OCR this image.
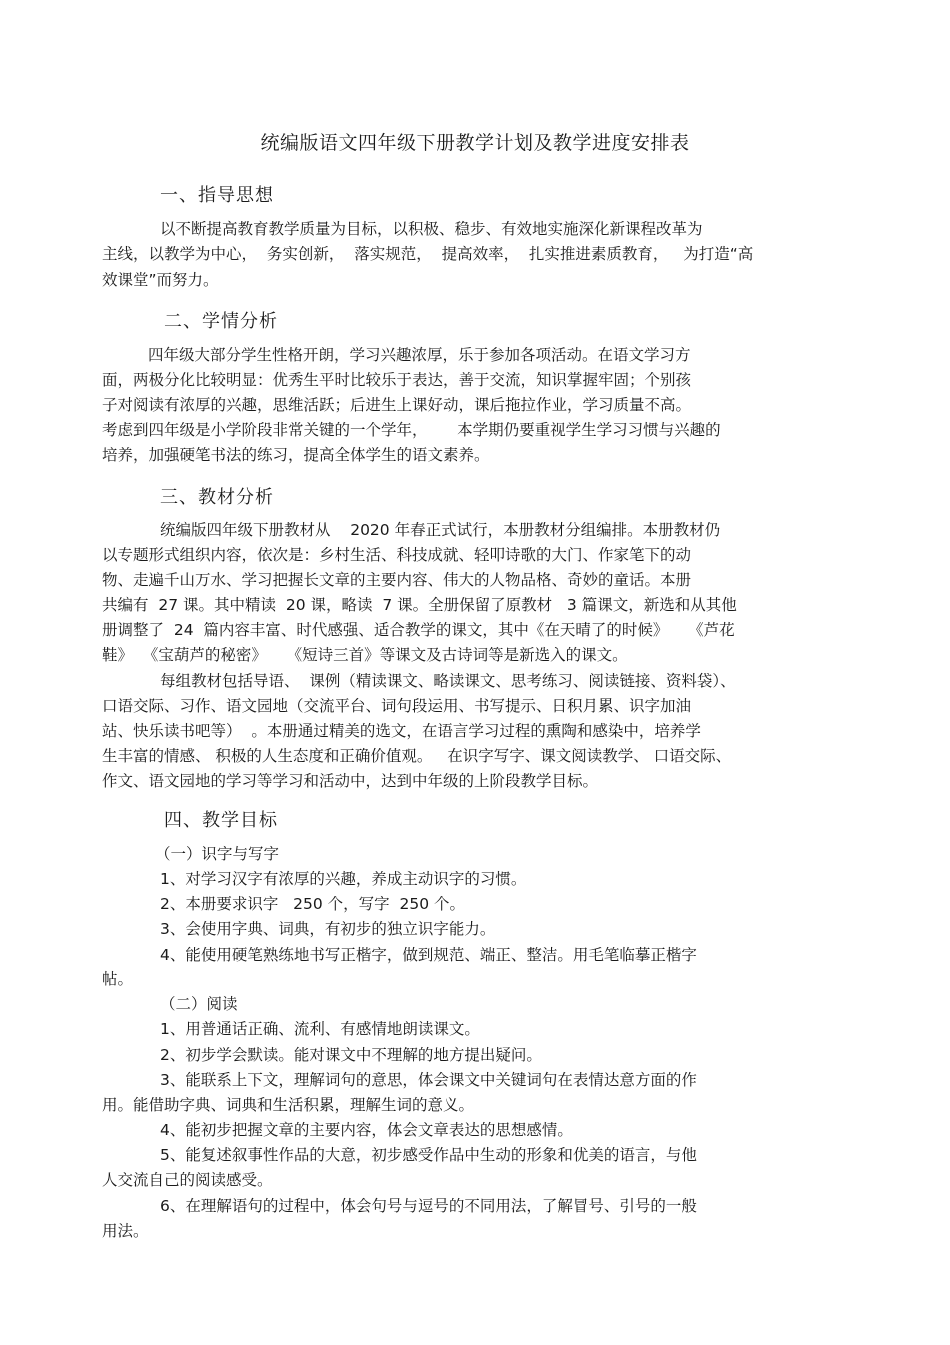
统编版语文四年级下册教学计划及教学进度安排表
一、指导思想
以不断提高教育教学质量为目标，以积极、稳步、有效地实施深化新课程改革为
主线，以教学为中心，  务实创新，  落实规范，  提高效率，  扎实推进素质教育，   为打造“高
效课堂”而努力。
二、学情分析
四年级大部分学生性格开朗，学习兴趣浓厚，乐于参加各项活动。在语文学习方
面，两极分化比较明显：优秀生平时比较乐于表达，善于交流，知识掌握牢固；个别孩
子对阅读有浓厚的兴趣，思维活跃；后进生上课好动，课后拖拉作业，学习质量不高。
考虑到四年级是小学阶段非常关键的一个学年，      本学期仍要重视学生学习习惯与兴趣的
培养，加强硬笔书法的练习，提高全体学生的语文素养。
三、教材分析
统编版四年级下册教材从    2020 年春正式试行，本册教材分组编排。本册教材仍
以专题形式组织内容，依次是：乡村生活、科技成就、轻叩诗歌的大门、作家笔下的动
物、走遍千山万水、学习把握长文章的主要内容、伟大的人物品格、奇妙的童话。本册
共编有  27 课。其中精读  20 课，略读  7 课。全册保留了原教材   3 篇课文，新选和从其他
册调整了  24  篇内容丰富、时代感强、适合教学的课文，其中《在天晴了的时候》    《芦花
鞋》  《宝葫芦的秘密》    《短诗三首》等课文及古诗词等是新选入的课文。
每组教材包括导语、  课例（精读课文、略读课文、思考练习、阅读链接、资料袋）、
口语交际、习作、语文园地（交流平台、词句段运用、书写提示、日积月累、识字加油
站、快乐读书吧等）  。本册通过精美的选文，在语言学习过程的熏陶和感染中，培养学
生丰富的情感、 积极的人生态度和正确价值观。   在识字写字、课文阅读教学、 口语交际、
作文、语文园地的学习等学习和活动中，达到中年级的上阶段教学目标。
四、教学目标
（一）识字与写字
1、对学习汉字有浓厚的兴趣，养成主动识字的习惯。
2、本册要求识字   250 个，写字  250 个。
3、会使用字典、词典，有初步的独立识字能力。
4、能使用硬笔熟练地书写正楷字，做到规范、端正、整洁。用毛笔临摹正楷字
帖。
（二）阅读
1、用普通话正确、流利、有感情地朗读课文。
2、初步学会默读。能对课文中不理解的地方提出疑问。
3、能联系上下文，理解词句的意思，体会课文中关键词句在表情达意方面的作
用。能借助字典、词典和生活积累，理解生词的意义。
4、能初步把握文章的主要内容，体会文章表达的思想感情。
5、能复述叙事性作品的大意，初步感受作品中生动的形象和优美的语言，与他
人交流自己的阅读感受。
6、在理解语句的过程中，体会句号与逗号的不同用法，了解冒号、引号的一般
用法。
